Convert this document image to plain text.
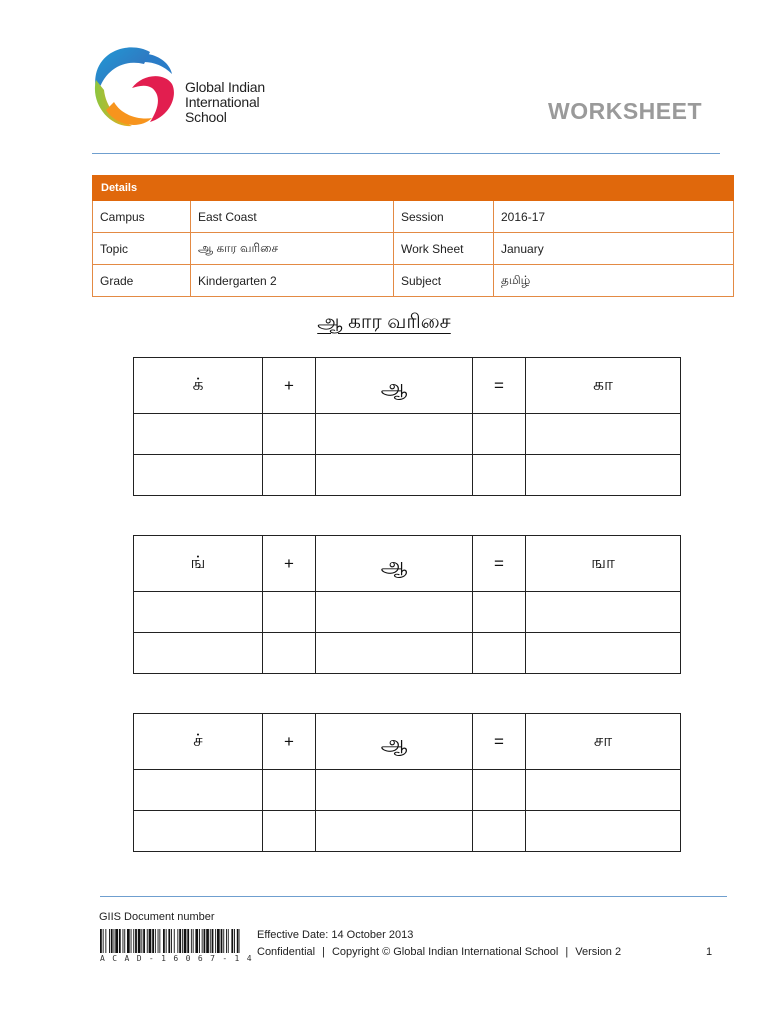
Global Indian
International
School	WORKSHEET
Details			
Campus	East Coast	Session	2016-17
Topic	ஆ கார வரிசை	Work Sheet	January
Grade	Kindergarten 2	Subject	தமிழ்
ஆ கார வரிசை
க்	+	ஆ	=	கா

ங்	+	ஆ	=	ஙா

ச்	+	ஆ	=	சா

GIIS Document number
A C A D - 1 6 0 6 7 - 1 4
Effective Date: 14 October 2013
Confidential | Copyright © Global Indian International School | Version 2	1
